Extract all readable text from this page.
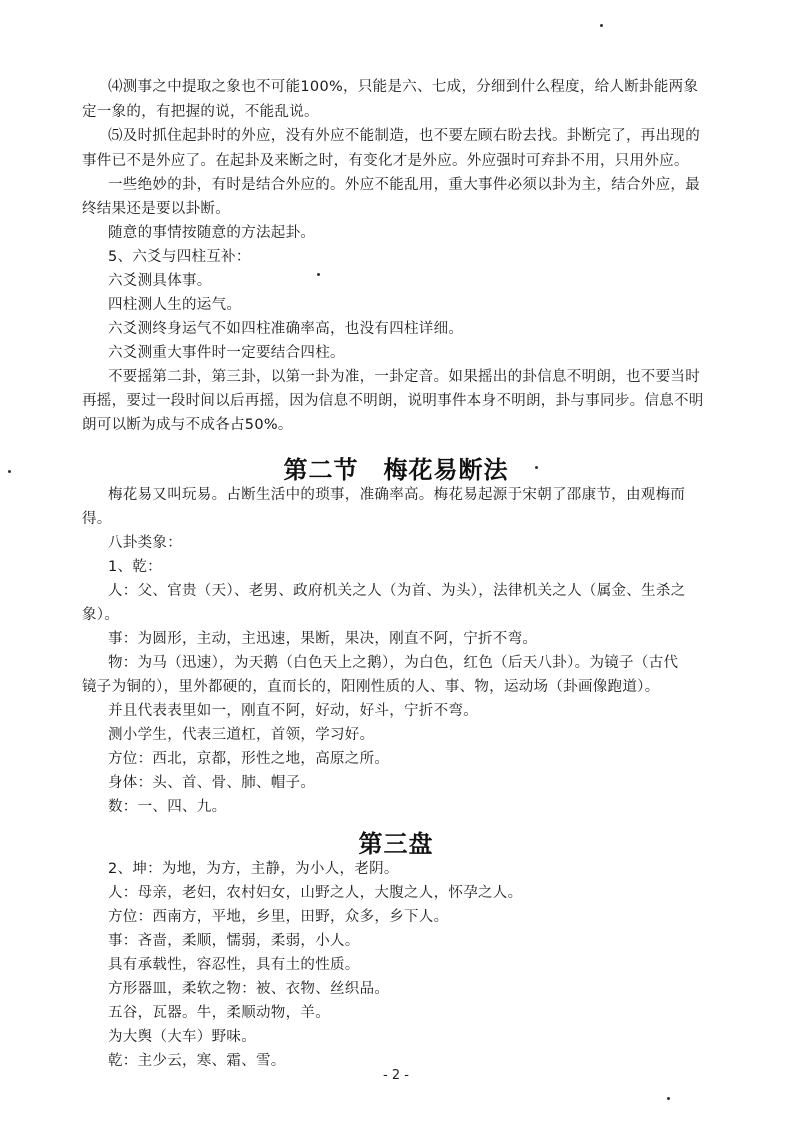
⑷测事之中提取之象也不可能100%，只能是六、七成，分细到什么程度，给人断卦能两象
定一象的，有把握的说，不能乱说。
⑸及时抓住起卦时的外应，没有外应不能制造，也不要左顾右盼去找。卦断完了，再出现的
事件已不是外应了。在起卦及来断之时，有变化才是外应。外应强时可弃卦不用，只用外应。
一些绝妙的卦，有时是结合外应的。外应不能乱用，重大事件必须以卦为主，结合外应，最
终结果还是要以卦断。
随意的事情按随意的方法起卦。
5、六爻与四柱互补：
六爻测具体事。
四柱测人生的运气。
六爻测终身运气不如四柱准确率高，也没有四柱详细。
六爻测重大事件时一定要结合四柱。
不要摇第二卦，第三卦，以第一卦为准，一卦定音。如果摇出的卦信息不明朗，也不要当时
再摇，要过一段时间以后再摇，因为信息不明朗，说明事件本身不明朗，卦与事同步。信息不明
朗可以断为成与不成各占50%。
第二节　梅花易断法
梅花易又叫玩易。占断生活中的琐事，准确率高。梅花易起源于宋朝了邵康节，由观梅而
得。
八卦类象：
1、乾：
人：父、官贵（天）、老男、政府机关之人（为首、为头），法律机关之人（属金、生杀之
象）。
事：为圆形，主动，主迅速，果断，果决，刚直不阿，宁折不弯。
物：为马（迅速），为天鹅（白色天上之鹅），为白色，红色（后天八卦）。为镜子（古代
镜子为铜的），里外都硬的，直而长的，阳刚性质的人、事、物，运动场（卦画像跑道）。
并且代表表里如一，刚直不阿，好动，好斗，宁折不弯。
测小学生，代表三道杠，首领，学习好。
方位：西北，京都，形性之地，高原之所。
身体：头、首、骨、肺、帽子。
数：一、四、九。
第三盘
2、坤：为地，为方，主静，为小人，老阴。
人：母亲，老妇，农村妇女，山野之人，大腹之人，怀孕之人。
方位：西南方，平地，乡里，田野，众多，乡下人。
事：吝啬，柔顺，懦弱，柔弱，小人。
具有承载性，容忍性，具有土的性质。
方形器皿，柔软之物：被、衣物、丝织品。
五谷，瓦器。牛，柔顺动物，羊。
为大舆（大车）野味。
乾：主少云，寒、霜、雪。
- 2 -
